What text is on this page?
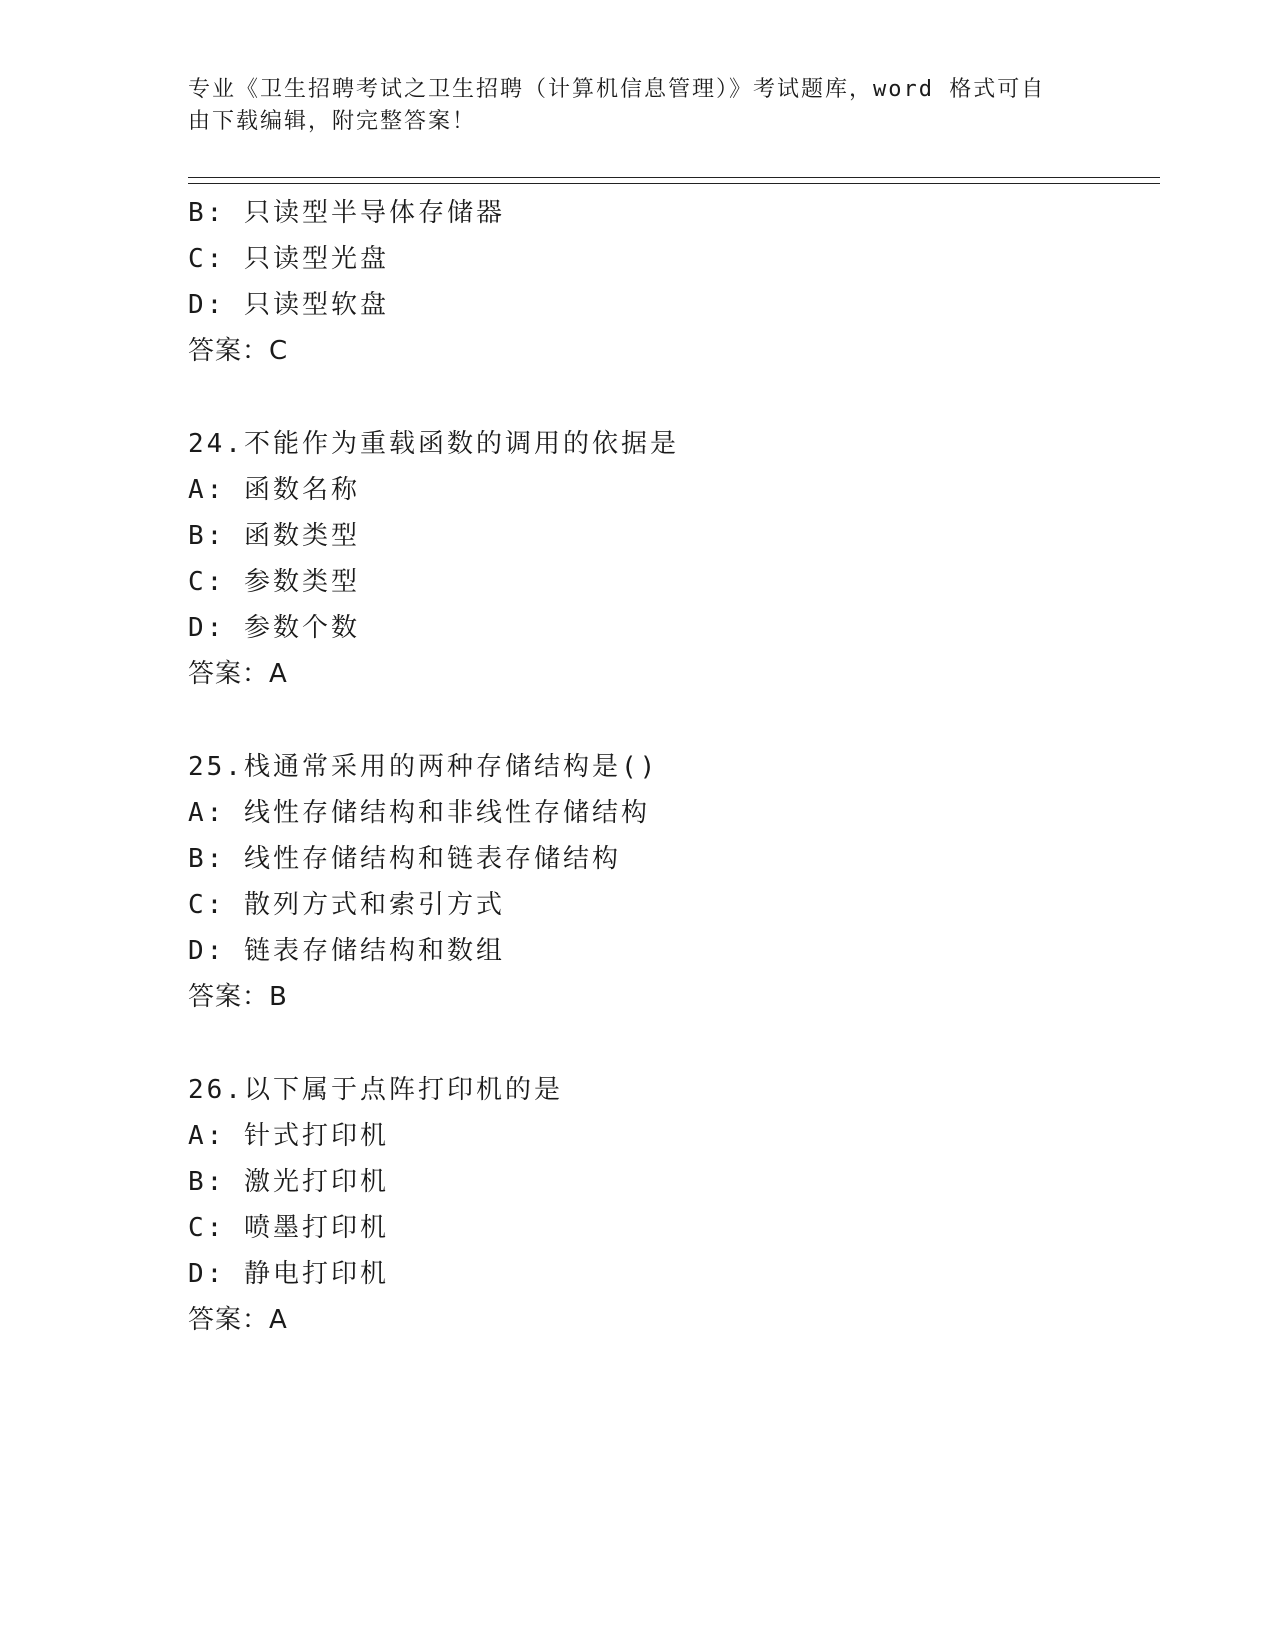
专业《卫生招聘考试之卫生招聘（计算机信息管理）》考试题库，word 格式可自
由下载编辑，附完整答案！
B: 只读型半导体存储器
C: 只读型光盘
D: 只读型软盘
答案：C
24.不能作为重载函数的调用的依据是
A: 函数名称
B: 函数类型
C: 参数类型
D: 参数个数
答案：A
25.栈通常采用的两种存储结构是()
A: 线性存储结构和非线性存储结构
B: 线性存储结构和链表存储结构
C: 散列方式和索引方式
D: 链表存储结构和数组
答案：B
26.以下属于点阵打印机的是
A: 针式打印机
B: 激光打印机
C: 喷墨打印机
D: 静电打印机
答案：A
